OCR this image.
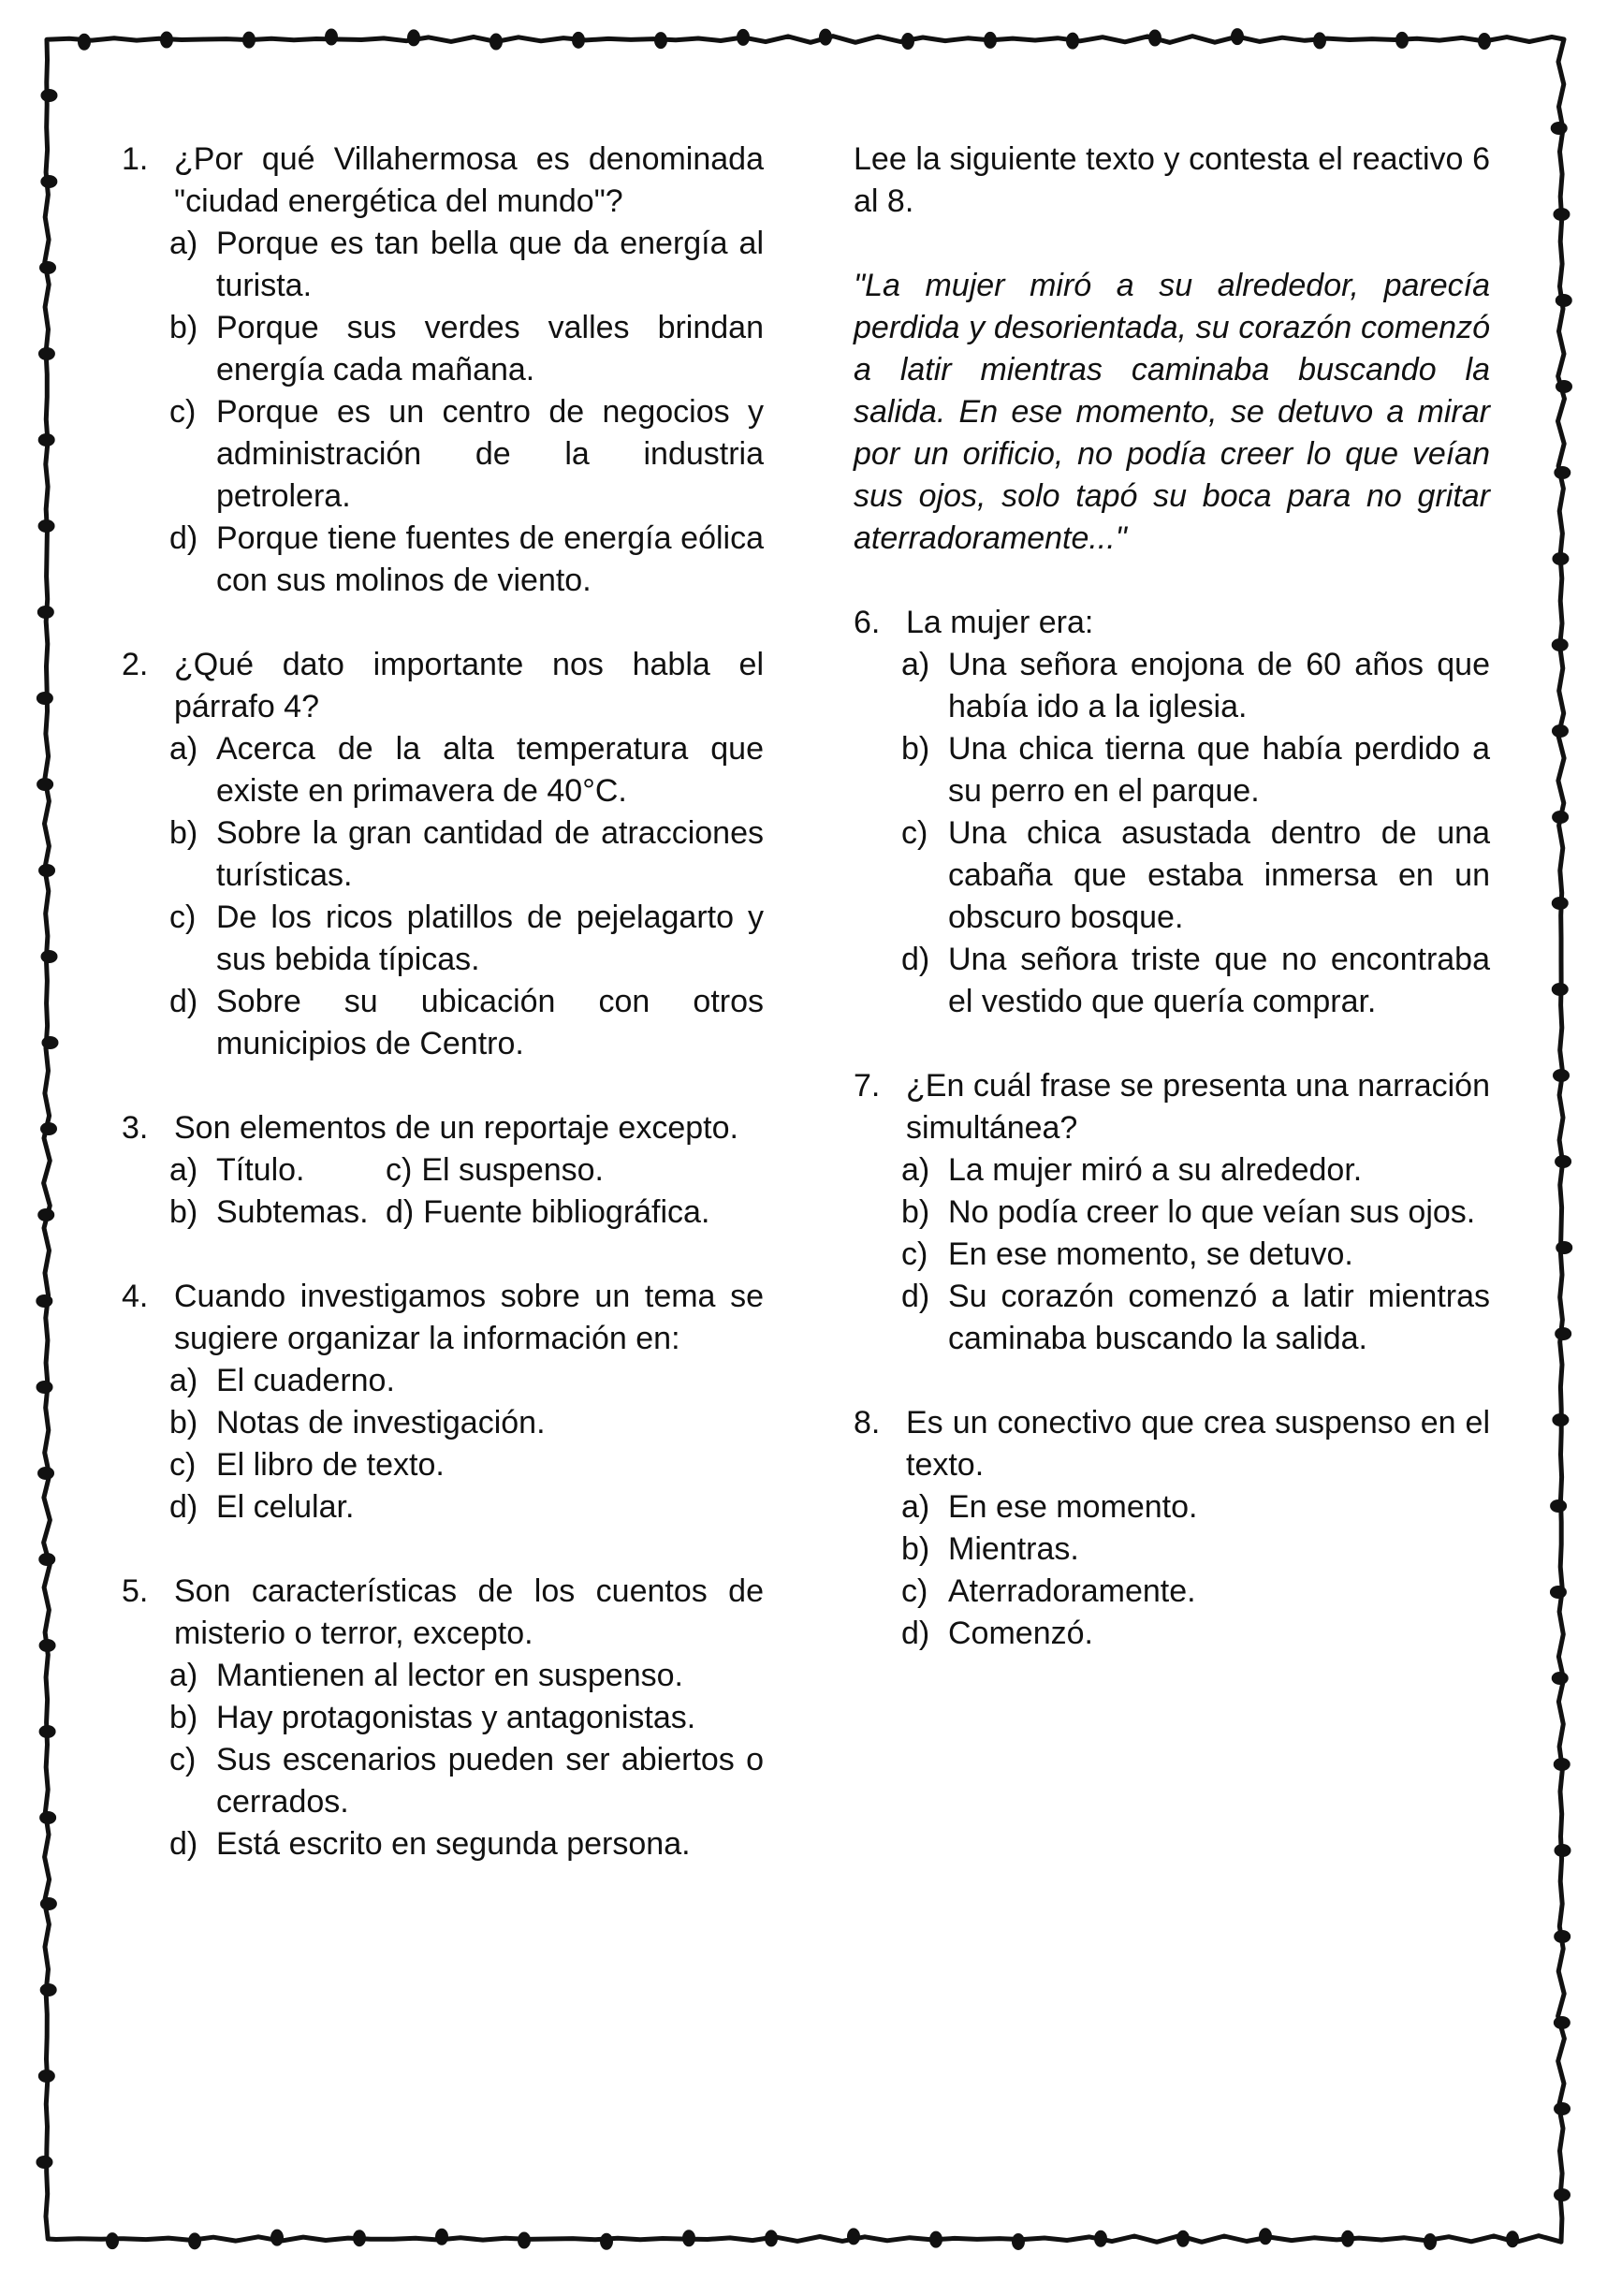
1. ¿Por qué Villahermosa es denominada "ciudad energética del mundo"?
a) Porque es tan bella que da energía al turista.
b) Porque sus verdes valles brindan energía cada mañana.
c) Porque es un centro de negocios y administración de la industria petrolera.
d) Porque tiene fuentes de energía eólica con sus molinos de viento.
2. ¿Qué dato importante nos habla el párrafo 4?
a) Acerca de la alta temperatura que existe en primavera de 40°C.
b) Sobre la gran cantidad de atracciones turísticas.
c) De los ricos platillos de pejelagarto y sus bebida típicas.
d) Sobre su ubicación con otros municipios de Centro.
3. Son elementos de un reportaje excepto.
a) Título.	c) El suspenso.
b) Subtemas. d) Fuente bibliográfica.
4. Cuando investigamos sobre un tema se sugiere organizar la información en:
a) El cuaderno.
b) Notas de investigación.
c) El libro de texto.
d) El celular.
5. Son características de los cuentos de misterio o terror, excepto.
a) Mantienen al lector en suspenso.
b) Hay protagonistas y antagonistas.
c) Sus escenarios pueden ser abiertos o cerrados.
d) Está escrito en segunda persona.
Lee la siguiente texto y contesta el reactivo 6 al 8.
"La mujer miró a su alrededor, parecía perdida y desorientada, su corazón comenzó a latir mientras caminaba buscando la salida. En ese momento, se detuvo a mirar por un orificio, no podía creer lo que veían sus ojos, solo tapó su boca para no gritar aterradoramente..."
6. La mujer era:
a) Una señora enojona de 60 años que había ido a la iglesia.
b) Una chica tierna que había perdido a su perro en el parque.
c) Una chica asustada dentro de una cabaña que estaba inmersa en un obscuro bosque.
d) Una señora triste que no encontraba el vestido que quería comprar.
7. ¿En cuál frase se presenta una narración simultánea?
a) La mujer miró a su alrededor.
b) No podía creer lo que veían sus ojos.
c) En ese momento, se detuvo.
d) Su corazón comenzó a latir mientras caminaba buscando la salida.
8. Es un conectivo que crea suspenso en el texto.
a) En ese momento.
b) Mientras.
c) Aterradoramente.
d) Comenzó.
